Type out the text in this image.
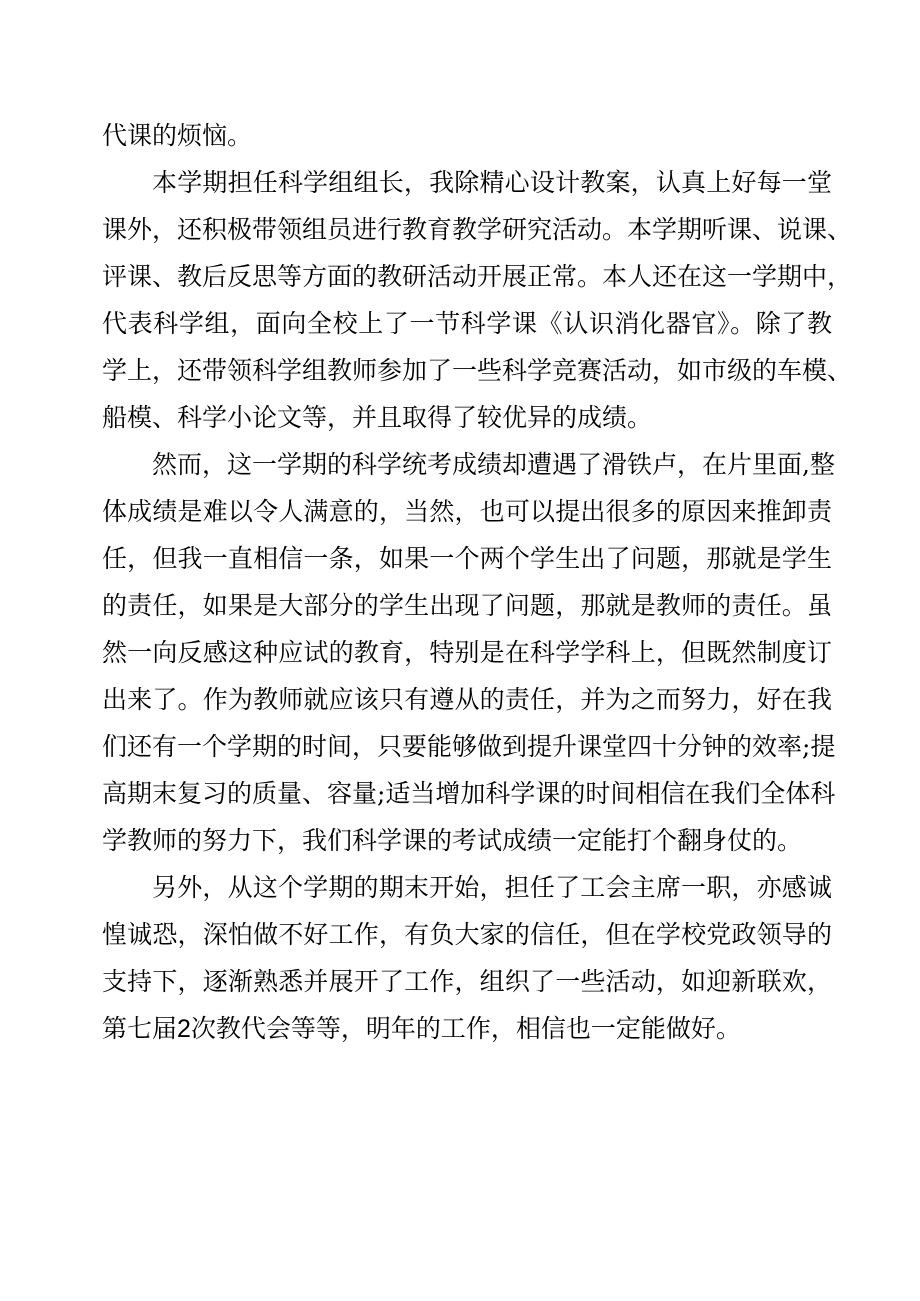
代课的烦恼。
本学期担任科学组组长，我除精心设计教案，认真上好每一堂
课外，还积极带领组员进行教育教学研究活动。本学期听课、说课、
评课、教后反思等方面的教研活动开展正常。本人还在这一学期中，
代表科学组，面向全校上了一节科学课《认识消化器官》。除了教
学上，还带领科学组教师参加了一些科学竞赛活动，如市级的车模、
船模、科学小论文等，并且取得了较优异的成绩。
然而，这一学期的科学统考成绩却遭遇了滑铁卢，在片里面,整
体成绩是难以令人满意的，当然，也可以提出很多的原因来推卸责
任，但我一直相信一条，如果一个两个学生出了问题，那就是学生
的责任，如果是大部分的学生出现了问题，那就是教师的责任。虽
然一向反感这种应试的教育，特别是在科学学科上，但既然制度订
出来了。作为教师就应该只有遵从的责任，并为之而努力，好在我
们还有一个学期的时间，只要能够做到提升课堂四十分钟的效率;提
高期末复习的质量、容量;适当增加科学课的时间相信在我们全体科
学教师的努力下，我们科学课的考试成绩一定能打个翻身仗的。
另外，从这个学期的期末开始，担任了工会主席一职，亦感诚
惶诚恐，深怕做不好工作，有负大家的信任，但在学校党政领导的
支持下，逐渐熟悉并展开了工作，组织了一些活动，如迎新联欢，
第七届2次教代会等等，明年的工作，相信也一定能做好。
